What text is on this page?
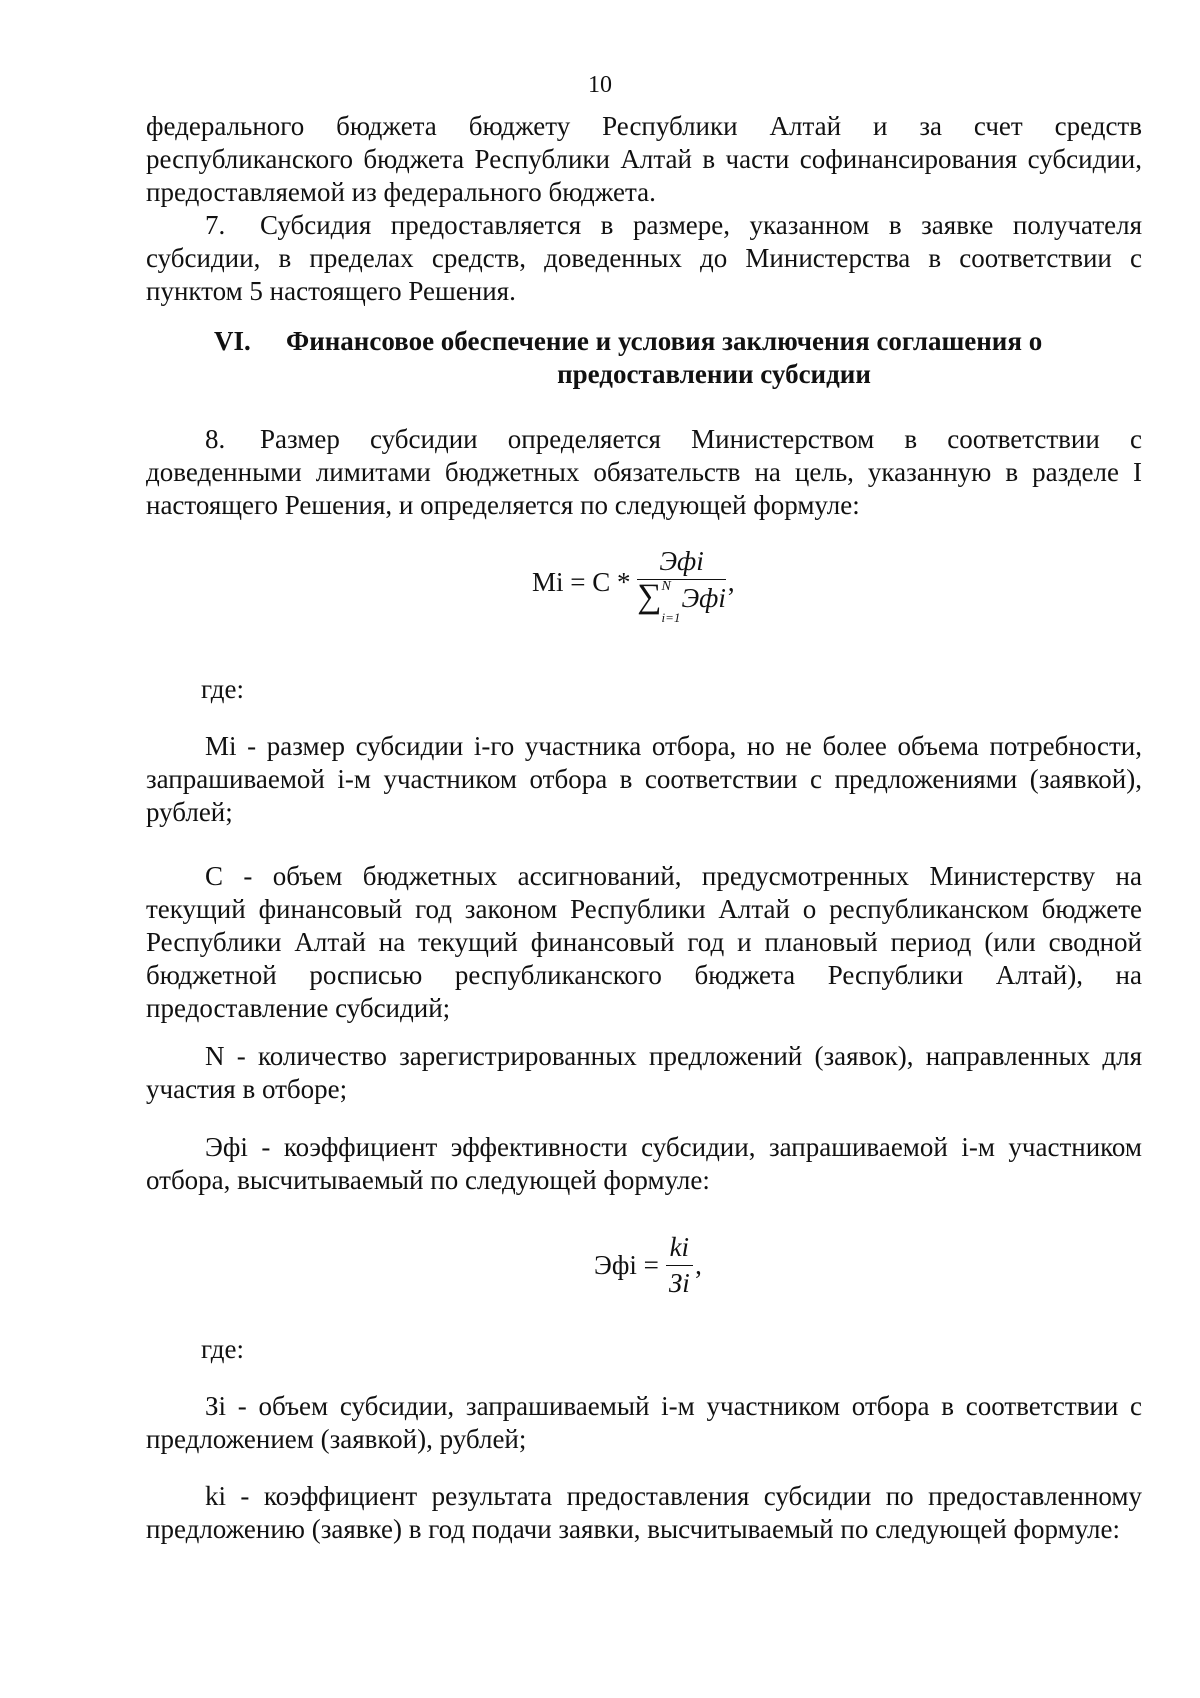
10

федерального бюджета бюджету Республики Алтай и за счет средств республиканского бюджета Республики Алтай в части софинансирования субсидии, предоставляемой из федерального бюджета.

7. Субсидия предоставляется в размере, указанном в заявке получателя субсидии, в пределах средств, доведенных до Министерства в соответствии с пунктом 5 настоящего Решения.

VI. Финансовое обеспечение и условия заключения соглашения о
предоставлении субсидии

8. Размер субсидии определяется Министерством в соответствии с доведенными лимитами бюджетных обязательств на цель, указанную в разделе I настоящего Решения, и определяется по следующей формуле:

Mi = C * Эфi
∑ N
i=1
Эфi ,
где:

Mi - размер субсидии i-го участника отбора, но не более объема потребности, запрашиваемой i-м участником отбора в соответствии с предложениями (заявкой), рублей;

C - объем бюджетных ассигнований, предусмотренных Министерству на текущий финансовый год законом Республики Алтай о республиканском бюджете Республики Алтай на текущий финансовый год и плановый период (или сводной бюджетной росписью республиканского бюджета Республики Алтай), на предоставление субсидий;

N - количество зарегистрированных предложений (заявок), направленных для участия в отборе;

Эфi - коэффициент эффективности субсидии, запрашиваемой i-м участником отбора, высчитываемый по следующей формуле:

Эфi = $\frac{ki}{Зi}$ ,
где:

Зi - объем субсидии, запрашиваемый i-м участником отбора в соответствии с предложением (заявкой), рублей;

ki - коэффициент результата предоставления субсидии по предоставленному предложению (заявке) в год подачи заявки, высчитываемый по следующей формуле:
